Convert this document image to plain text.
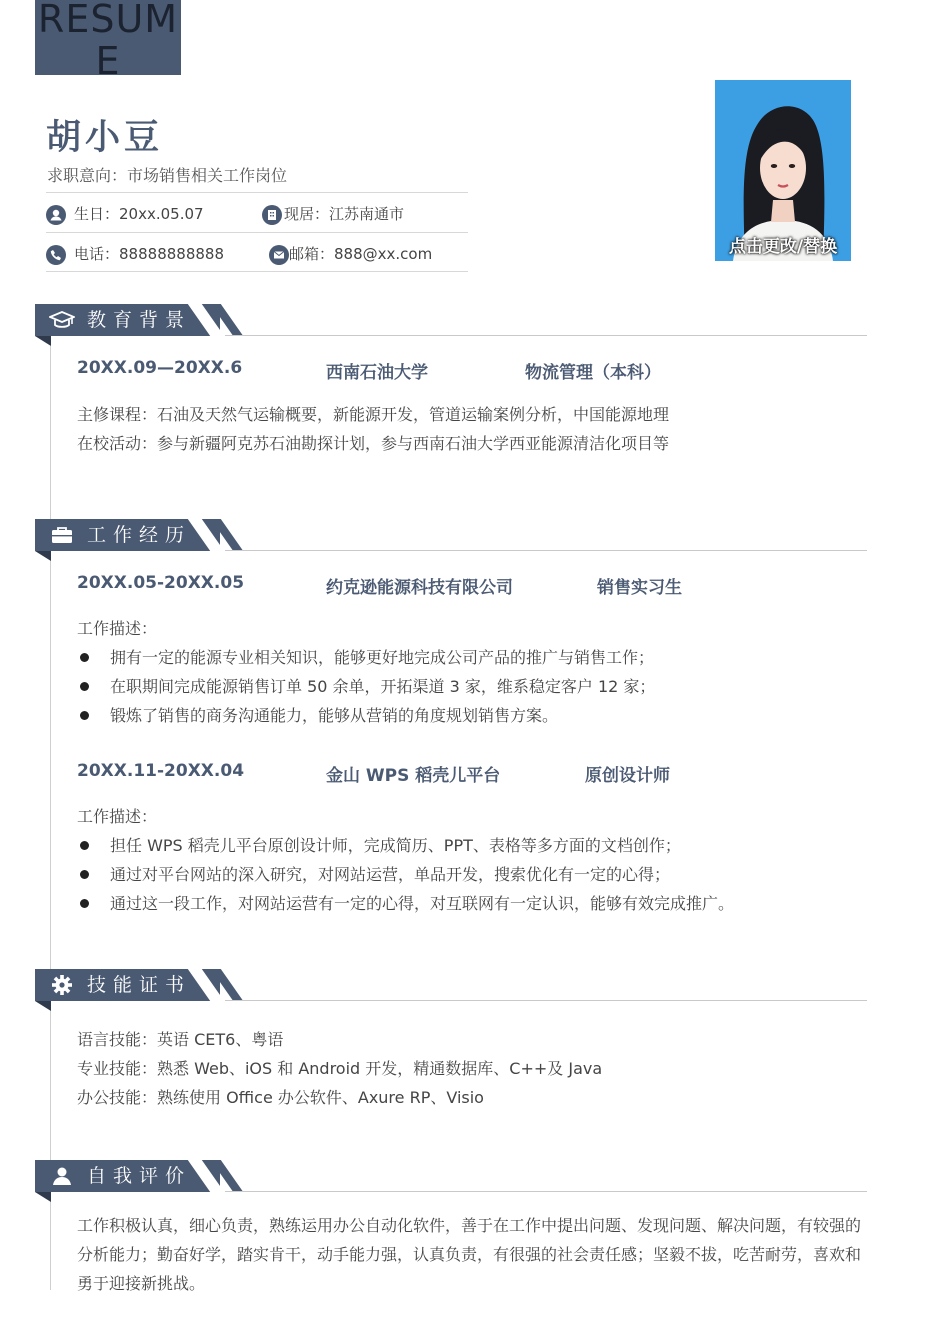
RESUME
胡小豆
求职意向：市场销售相关工作岗位
生日：20xx.05.07	现居：江苏南通市
电话：88888888888	邮箱：888@xx.com	点击更改/替换
教育背景
20XX.09—20XX.6	西南石油大学	物流管理（本科）
主修课程：石油及天然气运输概要，新能源开发，管道运输案例分析，中国能源地理
在校活动：参与新疆阿克苏石油勘探计划，参与西南石油大学西亚能源清洁化项目等
工作经历
20XX.05-20XX.05	约克逊能源科技有限公司	销售实习生
工作描述：
拥有一定的能源专业相关知识，能够更好地完成公司产品的推广与销售工作；
在职期间完成能源销售订单 50 余单，开拓渠道 3 家，维系稳定客户 12 家；
锻炼了销售的商务沟通能力，能够从营销的角度规划销售方案。
20XX.11-20XX.04	金山 WPS 稻壳儿平台	原创设计师
工作描述：
担任 WPS 稻壳儿平台原创设计师，完成简历、PPT、表格等多方面的文档创作；
通过对平台网站的深入研究，对网站运营，单品开发，搜索优化有一定的心得；
通过这一段工作，对网站运营有一定的心得，对互联网有一定认识，能够有效完成推广。
技能证书
语言技能：英语 CET6、粤语
专业技能：熟悉 Web、iOS 和 Android 开发，精通数据库、C++及 Java
办公技能：熟练使用 Office 办公软件、Axure RP、Visio
自我评价
工作积极认真，细心负责，熟练运用办公自动化软件，善于在工作中提出问题、发现问题、解决问题，有较强的分析能力；勤奋好学，踏实肯干，动手能力强，认真负责，有很强的社会责任感；坚毅不拔，吃苦耐劳，喜欢和勇于迎接新挑战。
